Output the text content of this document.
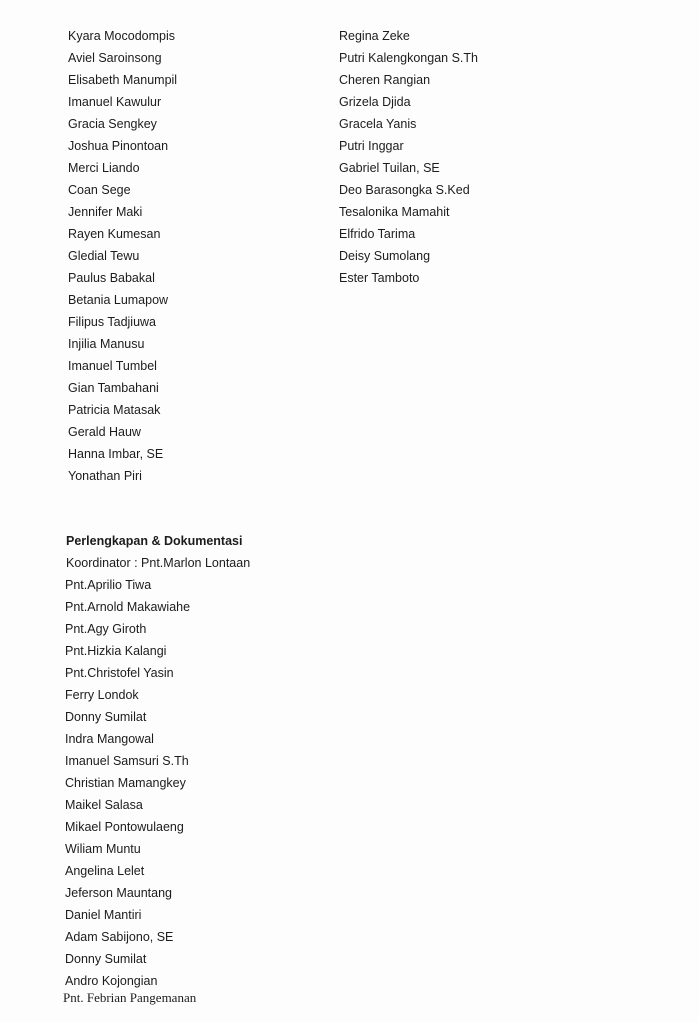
Kyara Mocodompis
Aviel Saroinsong
Elisabeth Manumpil
Imanuel Kawulur
Gracia Sengkey
Joshua Pinontoan
Merci Liando
Coan Sege
Jennifer Maki
Rayen Kumesan
Gledial Tewu
Paulus Babakal
Betania Lumapow
Filipus Tadjiuwa
Injilia Manusu
Imanuel Tumbel
Gian Tambahani
Patricia Matasak
Gerald Hauw
Hanna Imbar, SE
Yonathan Piri
Regina Zeke
Putri Kalengkongan S.Th
Cheren Rangian
Grizela Djida
Gracela Yanis
Putri Inggar
Gabriel Tuilan, SE
Deo Barasongka S.Ked
Tesalonika Mamahit
Elfrido Tarima
Deisy Sumolang
Ester Tamboto

Perlengkapan & Dokumentasi

Koordinator : Pnt.Marlon Lontaan

Pnt.Aprilio Tiwa
Pnt.Arnold Makawiahe
Pnt.Agy Giroth
Pnt.Hizkia Kalangi
Pnt.Christofel Yasin
Ferry Londok
Donny Sumilat
Indra Mangowal
Imanuel Samsuri S.Th
Christian Mamangkey
Maikel Salasa
Mikael Pontowulaeng
Wiliam Muntu
Angelina Lelet
Jeferson Mauntang
Daniel Mantiri
Adam Sabijono, SE
Donny Sumilat
Andro Kojongian

Pnt. Febrian Pangemanan
